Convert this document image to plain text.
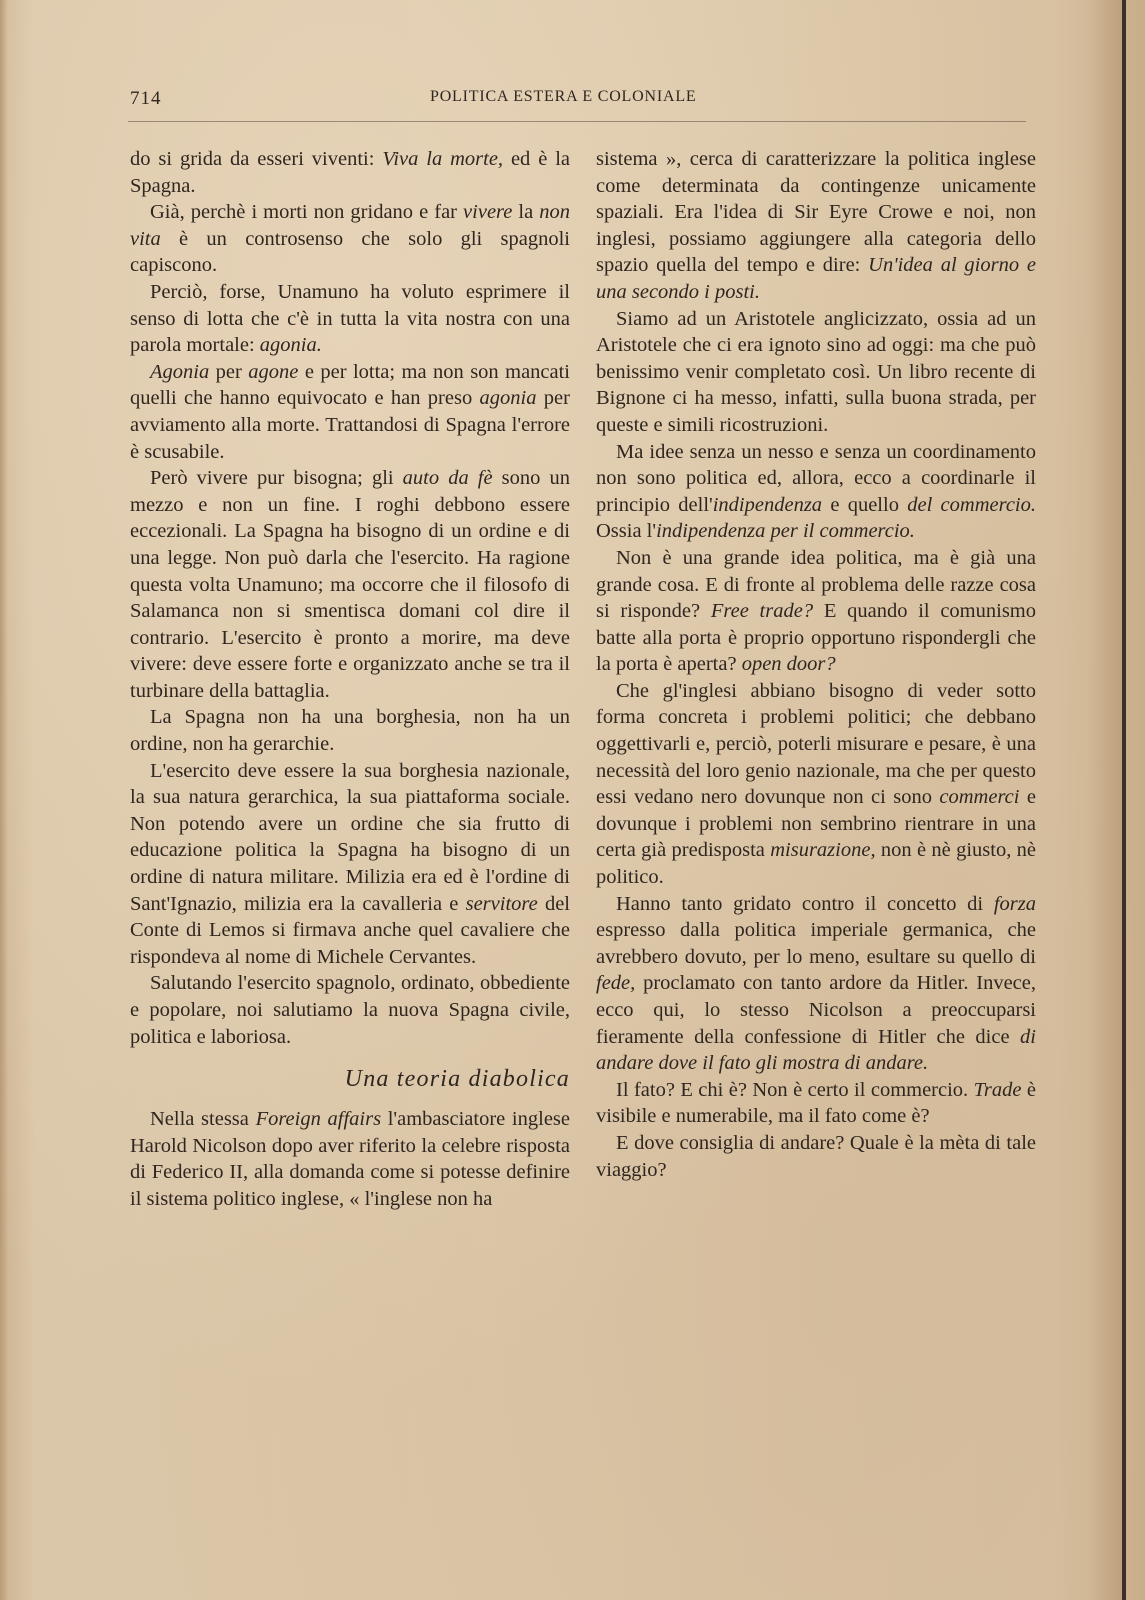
714	POLITICA ESTERA E COLONIALE

do si grida da esseri viventi: Viva la morte, ed è la Spagna.

Già, perchè i morti non gridano e far vivere la non vita è un controsenso che solo gli spagnoli capiscono.

Perciò, forse, Unamuno ha voluto esprimere il senso di lotta che c'è in tutta la vita nostra con una parola mortale: agonia.

Agonia per agone e per lotta; ma non son mancati quelli che hanno equivocato e han preso agonia per avviamento alla morte. Trattandosi di Spagna l'errore è scusabile.

Però vivere pur bisogna; gli auto da fè sono un mezzo e non un fine. I roghi debbono essere eccezionali. La Spagna ha bisogno di un ordine e di una legge. Non può darla che l'esercito. Ha ragione questa volta Unamuno; ma occorre che il filosofo di Salamanca non si smentisca domani col dire il contrario. L'esercito è pronto a morire, ma deve vivere: deve essere forte e organizzato anche se tra il turbinare della battaglia.

La Spagna non ha una borghesia, non ha un ordine, non ha gerarchie.

L'esercito deve essere la sua borghesia nazionale, la sua natura gerarchica, la sua piattaforma sociale. Non potendo avere un ordine che sia frutto di educazione politica la Spagna ha bisogno di un ordine di natura militare. Milizia era ed è l'ordine di Sant'Ignazio, milizia era la cavalleria e servitore del Conte di Lemos si firmava anche quel cavaliere che rispondeva al nome di Michele Cervantes.

Salutando l'esercito spagnolo, ordinato, obbediente e popolare, noi salutiamo la nuova Spagna civile, politica e laboriosa.

Una teoria diabolica

Nella stessa Foreign affairs l'ambasciatore inglese Harold Nicolson dopo aver riferito la celebre risposta di Federico II, alla domanda come si potesse definire il sistema politico inglese, « l'inglese non ha

sistema », cerca di caratterizzare la politica inglese come determinata da contingenze unicamente spaziali. Era l'idea di Sir Eyre Crowe e noi, non inglesi, possiamo aggiungere alla categoria dello spazio quella del tempo e dire: Un'idea al giorno e una secondo i posti.

Siamo ad un Aristotele anglicizzato, ossia ad un Aristotele che ci era ignoto sino ad oggi: ma che può benissimo venir completato così. Un libro recente di Bignone ci ha messo, infatti, sulla buona strada, per queste e simili ricostruzioni.

Ma idee senza un nesso e senza un coordinamento non sono politica ed, allora, ecco a coordinarle il principio dell'indipendenza e quello del commercio. Ossia l'indipendenza per il commercio.

Non è una grande idea politica, ma è già una grande cosa. E di fronte al problema delle razze cosa si risponde? Free trade? E quando il comunismo batte alla porta è proprio opportuno rispondergli che la porta è aperta? open door?

Che gl'inglesi abbiano bisogno di veder sotto forma concreta i problemi politici; che debbano oggettivarli e, perciò, poterli misurare e pesare, è una necessità del loro genio nazionale, ma che per questo essi vedano nero dovunque non ci sono commerci e dovunque i problemi non sembrino rientrare in una certa già predisposta misurazione, non è nè giusto, nè politico.

Hanno tanto gridato contro il concetto di forza espresso dalla politica imperiale germanica, che avrebbero dovuto, per lo meno, esultare su quello di fede, proclamato con tanto ardore da Hitler. Invece, ecco qui, lo stesso Nicolson a preoccuparsi fieramente della confessione di Hitler che dice di andare dove il fato gli mostra di andare.

Il fato? E chi è? Non è certo il commercio. Trade è visibile e numerabile, ma il fato come è?

E dove consiglia di andare? Quale è la mèta di tale viaggio?
